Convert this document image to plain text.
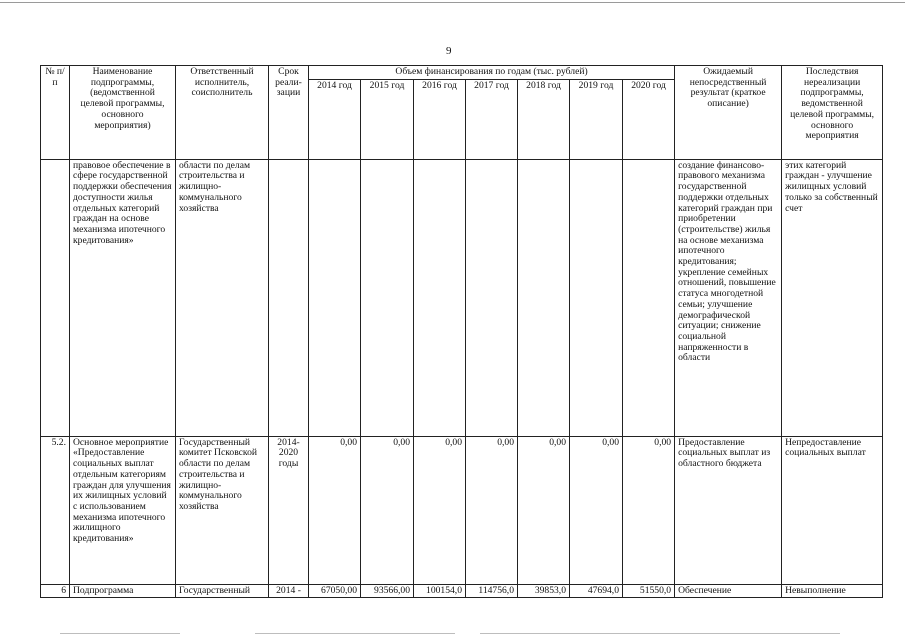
9
№ п/п	Наименование подпрограммы, (ведомственной целевой программы, основного мероприятия)	Ответственный исполнитель, соисполнитель	Срок реали-зации	Объем финансирования по годам (тыс. рублей)							Ожидаемый непосредственный результат (краткое описание)	Последствия нереализации подпрограммы, ведомственной целевой программы, основного мероприятия
				2014 год	2015 год	2016 год	2017 год	2018 год	2019 год	2020 год		
	правовое обеспечение в сфере государственной поддержки обеспечения доступности жилья отдельных категорий граждан на основе механизма ипотечного кредитования»	области по делам строительства и жилищно-коммунального хозяйства									создание финансово-правового механизма государственной поддержки отдельных категорий граждан при приобретении (строительстве) жилья на основе механизма ипотечного кредитования; укрепление семейных отношений, повышение статуса многодетной семьи; улучшение демографической ситуации; снижение социальной напряженности в области	этих категорий граждан - улучшение жилищных условий только за собственный счет
5.2.	Основное мероприятие «Предоставление социальных выплат отдельным категориям граждан для улучшения их жилищных условий с использованием механизма ипотечного жилищного кредитования»	Государственный комитет Псковской области по делам строительства и жилищно-коммунального хозяйства	2014-2020 годы	0,00	0,00	0,00	0,00	0,00	0,00	0,00	Предоставление социальных выплат из областного бюджета	Непредоставление социальных выплат
6	Подпрограмма	Государственный	2014 -	67050,00	93566,00	100154,0	114756,0	39853,0	47694,0	51550,0	Обеспечение	Невыполнение
